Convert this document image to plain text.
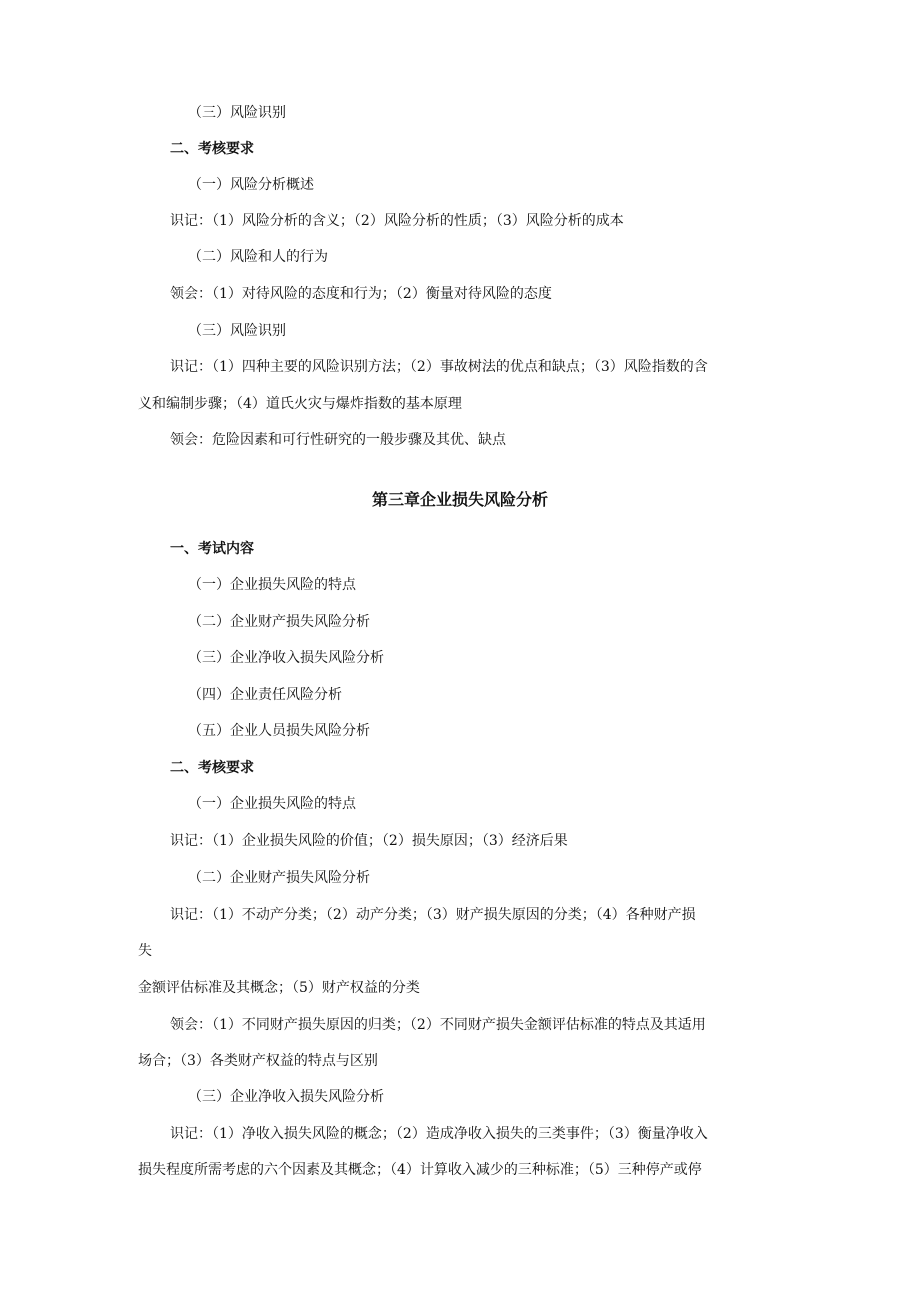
（三）风险识别
二、考核要求
（一）风险分析概述
识记：（1）风险分析的含义；（2）风险分析的性质；（3）风险分析的成本
（二）风险和人的行为
领会：（1）对待风险的态度和行为；（2）衡量对待风险的态度
（三）风险识别
识记：（1）四种主要的风险识别方法；（2）事故树法的优点和缺点；（3）风险指数的含
义和编制步骤；（4）道氏火灾与爆炸指数的基本原理
领会：危险因素和可行性研究的一般步骤及其优、缺点
第三章企业损失风险分析
一、考试内容
（一）企业损失风险的特点
（二）企业财产损失风险分析
（三）企业净收入损失风险分析
（四）企业责任风险分析
（五）企业人员损失风险分析
二、考核要求
（一）企业损失风险的特点
识记：（1）企业损失风险的价值；（2）损失原因；（3）经济后果
（二）企业财产损失风险分析
识记：（1）不动产分类；（2）动产分类；（3）财产损失原因的分类；（4）各种财产损
失
金额评估标准及其概念；（5）财产权益的分类
领会：（1）不同财产损失原因的归类；（2）不同财产损失金额评估标准的特点及其适用
场合；（3）各类财产权益的特点与区别
（三）企业净收入损失风险分析
识记：（1）净收入损失风险的概念；（2）造成净收入损失的三类事件；（3）衡量净收入
损失程度所需考虑的六个因素及其概念；（4）计算收入减少的三种标准；（5）三种停产或停
